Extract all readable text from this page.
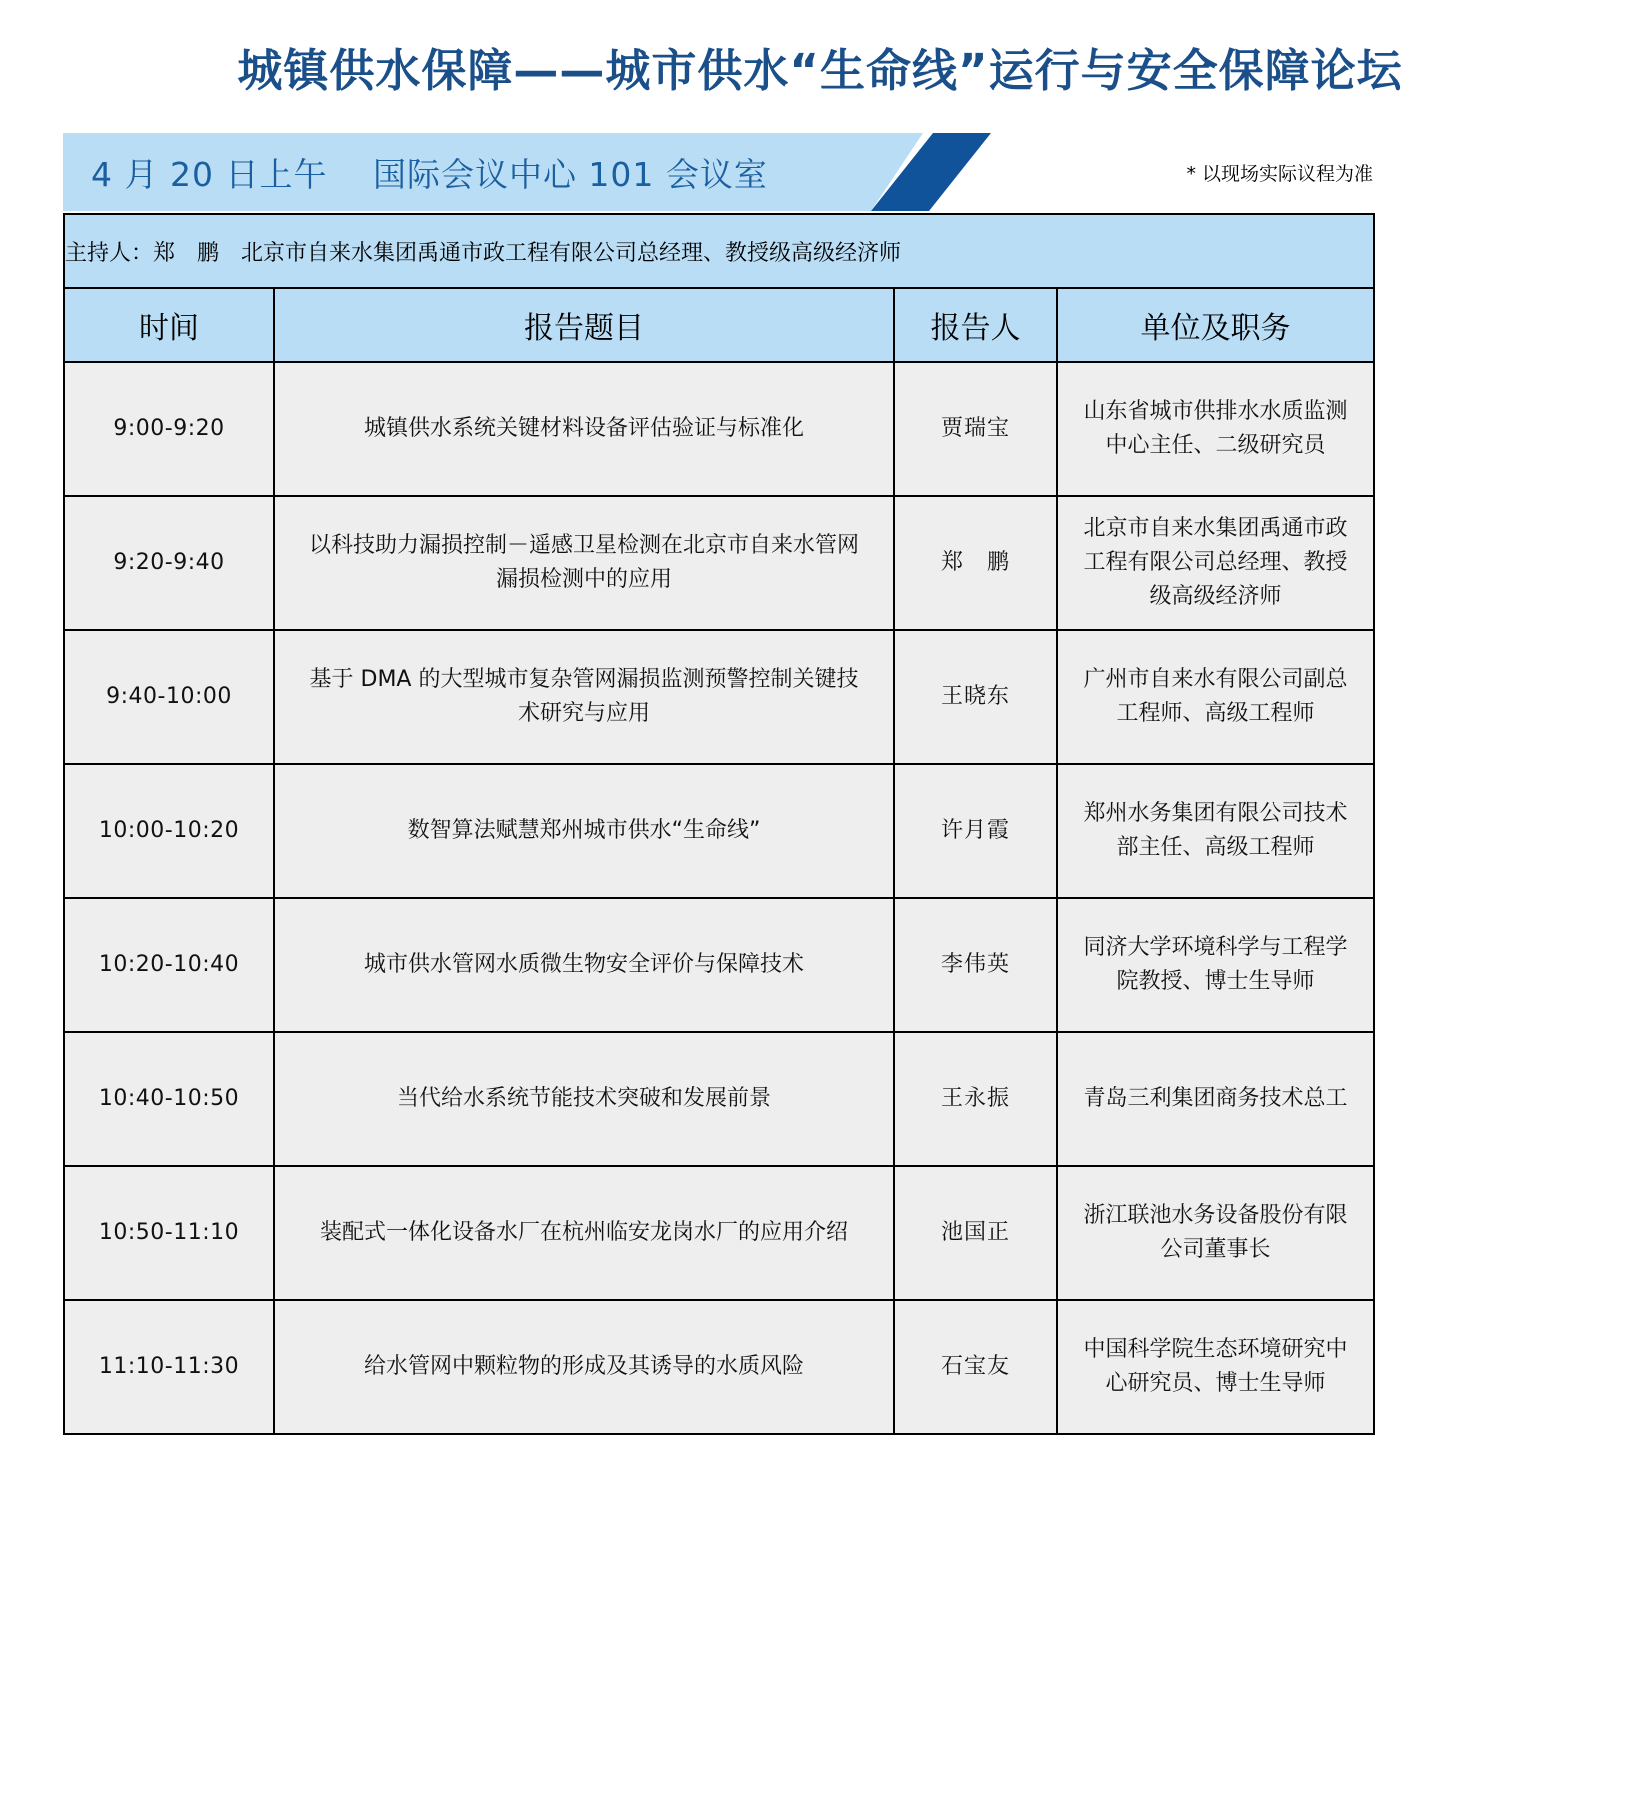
城镇供水保障——城市供水“生命线”运行与安全保障论坛
4 月 20 日上午　 国际会议中心 101 会议室	* 以现场实际议程为准
主持人：郑　鹏　北京市自来水集团禹通市政工程有限公司总经理、教授级高级经济师			
时间	报告题目	报告人	单位及职务
9:00-9:20	城镇供水系统关键材料设备评估验证与标准化	贾瑞宝	山东省城市供排水水质监测中心主任、二级研究员
9:20-9:40	以科技助力漏损控制－遥感卫星检测在北京市自来水管网漏损检测中的应用	郑　鹏	北京市自来水集团禹通市政工程有限公司总经理、教授级高级经济师
9:40-10:00	基于 DMA 的大型城市复杂管网漏损监测预警控制关键技术研究与应用	王晓东	广州市自来水有限公司副总工程师、高级工程师
10:00-10:20	数智算法赋慧郑州城市供水“生命线”	许月霞	郑州水务集团有限公司技术部主任、高级工程师
10:20-10:40	城市供水管网水质微生物安全评价与保障技术	李伟英	同济大学环境科学与工程学院教授、博士生导师
10:40-10:50	当代给水系统节能技术突破和发展前景	王永振	青岛三利集团商务技术总工
10:50-11:10	装配式一体化设备水厂在杭州临安龙岗水厂的应用介绍	池国正	浙江联池水务设备股份有限公司董事长
11:10-11:30	给水管网中颗粒物的形成及其诱导的水质风险	石宝友	中国科学院生态环境研究中心研究员、博士生导师
